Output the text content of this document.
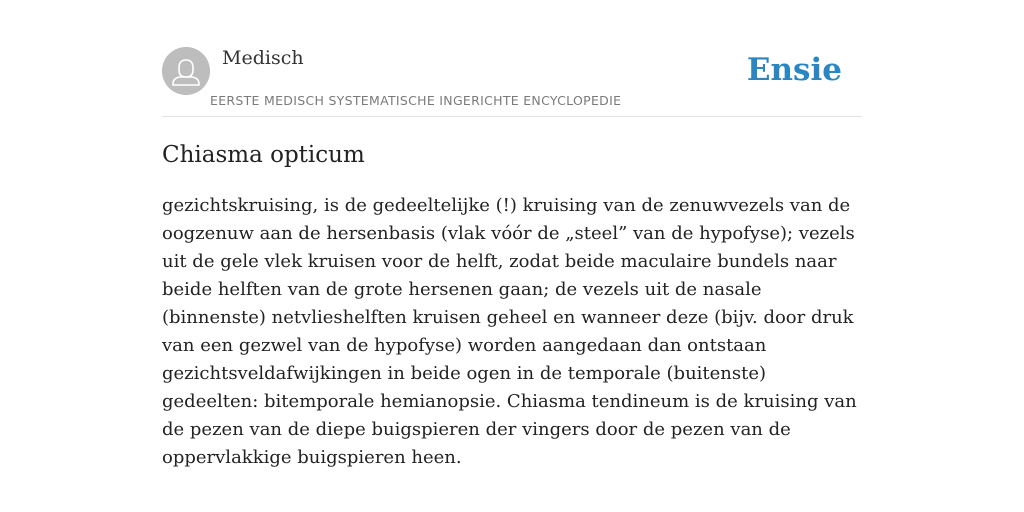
Medisch
EERSTE MEDISCH SYSTEMATISCHE INGERICHTE ENCYCLOPEDIE
Ensie
Chiasma opticum

gezichtskruising, is de gedeeltelijke (!) kruising van de zenuwvezels van de oogzenuw aan de hersenbasis (vlak vóór de „steel” van de hypofyse); vezels uit de gele vlek kruisen voor de helft, zodat beide maculaire bundels naar beide helften van de grote hersenen gaan; de vezels uit de nasale (binnenste) netvlieshelften kruisen geheel en wanneer deze (bijv. door druk van een gezwel van de hypofyse) worden aangedaan dan ontstaan gezichtsveldafwijkingen in beide ogen in de temporale (buitenste) gedeelten: bitemporale hemianopsie. Chiasma tendineum is de kruising van de pezen van de diepe buigspieren der vingers door de pezen van de oppervlakkige buigspieren heen.
